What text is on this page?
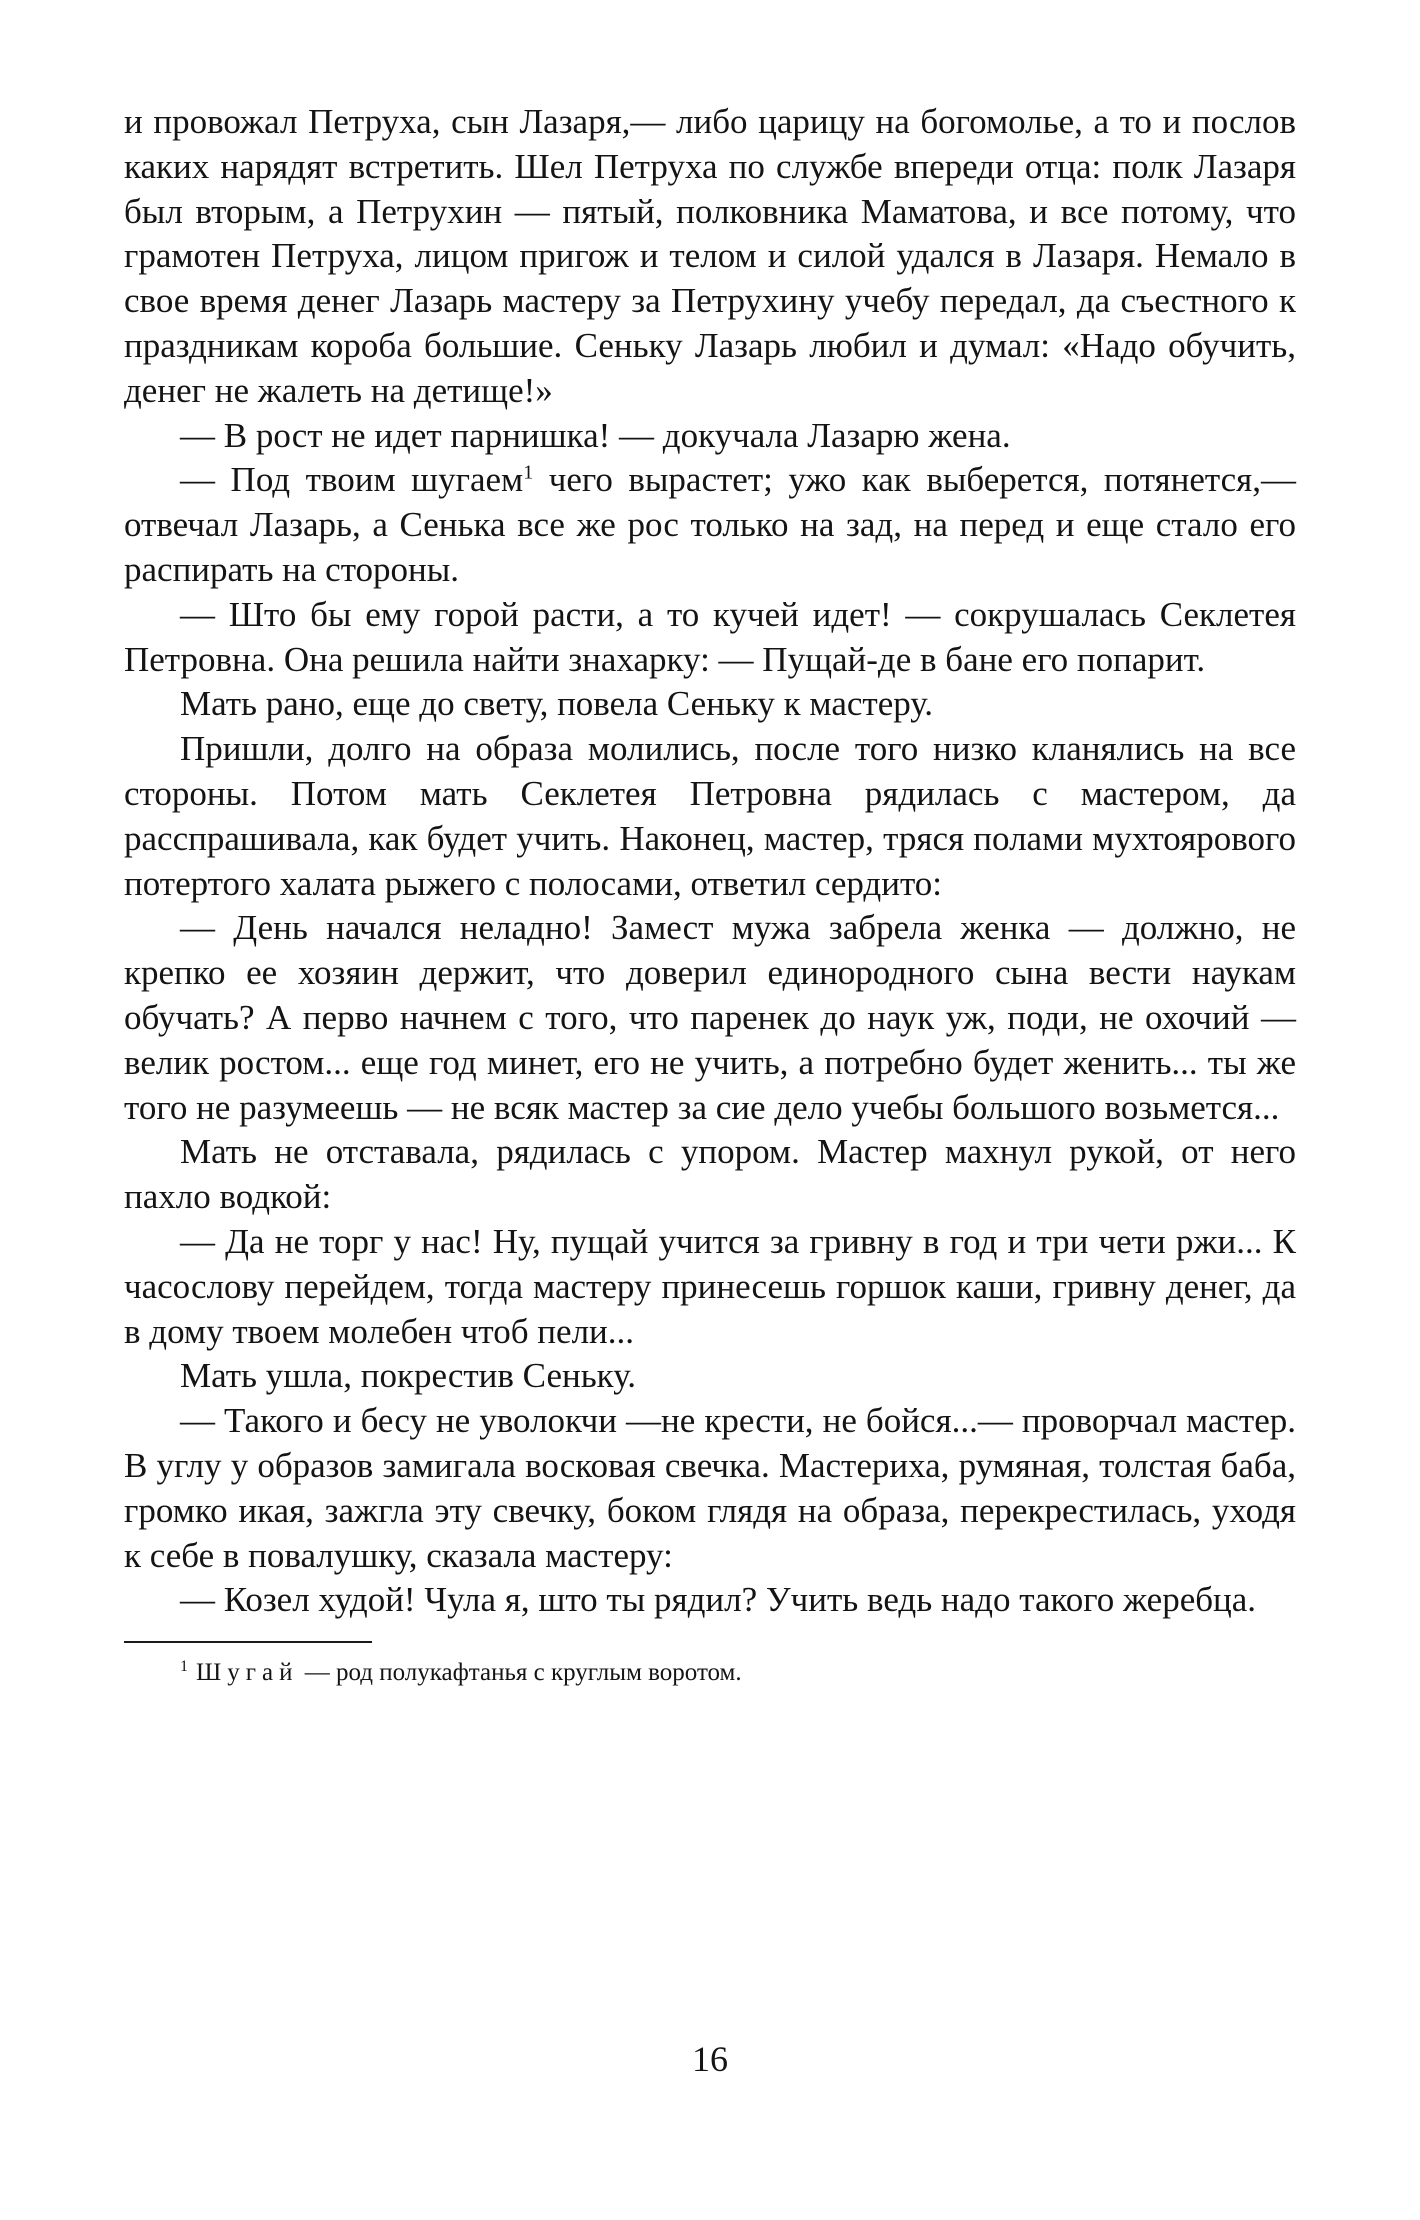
и провожал Петруха, сын Лазаря,— либо царицу на богомолье, а то и послов каких нарядят встретить. Шел Петруха по службе впереди отца: полк Лазаря был вторым, а Петрухин — пятый, полковника Маматова, и все потому, что грамотен Петруха, лицом пригож и телом и силой удался в Лазаря. Немало в свое время денег Лазарь мастеру за Петрухину учебу передал, да съестного к праздникам короба большие. Сеньку Лазарь любил и думал: «Надо обучить, денег не жалеть на детище!»

— В рост не идет парнишка! — докучала Лазарю жена.

— Под твоим шугаем$^1$ чего вырастет; ужо как выберется, потянется,— отвечал Лазарь, а Сенька все же рос только на зад, на перед и еще стало его распирать на стороны.

— Што бы ему горой расти, а то кучей идет! — сокрушалась Секлетея Петровна. Она решила найти знахарку: — Пущай-де в бане его попарит.

Мать рано, еще до свету, повела Сеньку к мастеру.

Пришли, долго на образа молились, после того низко кланялись на все стороны. Потом мать Секлетея Петровна рядилась с мастером, да расспрашивала, как будет учить. Наконец, мастер, тряся полами мухтоярового потертого халата рыжего с полосами, ответил сердито:

— День начался неладно! Замест мужа забрела женка — должно, не крепко ее хозяин держит, что доверил единородного сына вести наукам обучать? А перво начнем с того, что паренек до наук уж, поди, не охочий — велик ростом... еще год минет, его не учить, а потребно будет женить... ты же того не разумеешь — не всяк мастер за сие дело учебы большого возьмется...

Мать не отставала, рядилась с упором. Мастер махнул рукой, от него пахло водкой:

— Да не торг у нас! Ну, пущай учится за гривну в год и три чети ржи... К часослову перейдем, тогда мастеру принесешь горшок каши, гривну денег, да в дому твоем молебен чтоб пели...

Мать ушла, покрестив Сеньку.

— Такого и бесу не уволокчи —не крести, не бойся...— проворчал мастер. В углу у образов замигала восковая свечка. Мастериха, румяная, толстая баба, громко икая, зажгла эту свечку, боком глядя на образа, перекрестилась, уходя к себе в повалушку, сказала мастеру:

— Козел худой! Чула я, што ты рядил? Учить ведь надо такого жеребца.

$^1$ Шугай — род полукафтанья с круглым воротом.

16
